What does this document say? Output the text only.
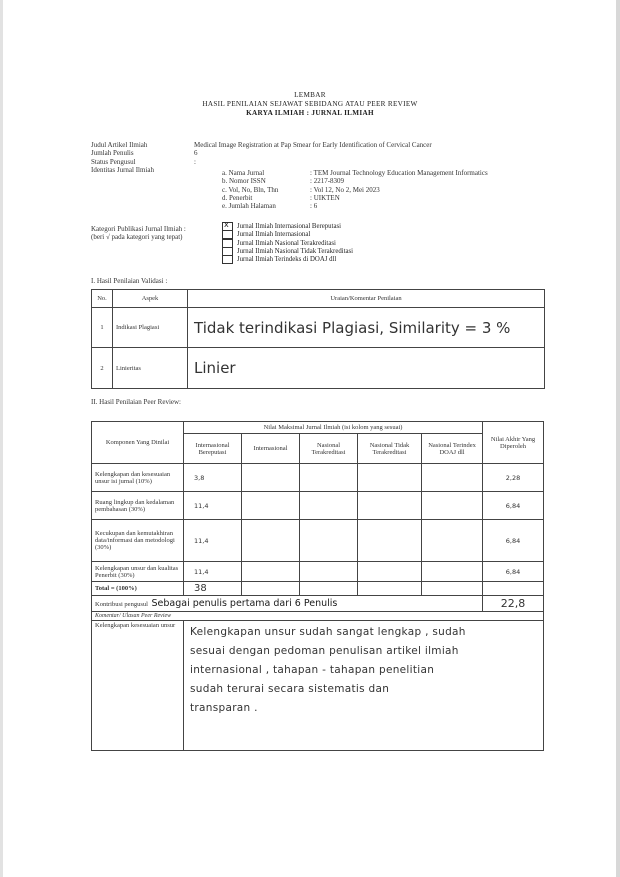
LEMBAR
HASIL PENILAIAN SEJAWAT SEBIDANG ATAU PEER REVIEW
KARYA ILMIAH : JURNAL ILMIAH
Judul Artikel Ilmiah	Medical Image Registration at Pap Smear for Early Identification of Cervical Cancer
Jumlah Penulis	6
Status Pengusul	:
Identitas Jurnal Ilmiah	a. Nama Jurnal	: TEM Journal Technology Education Management Informatics
b. Nomor ISSN	: 2217-8309
c. Vol, No, Bln, Thn	: Vol 12, No 2, Mei 2023
d. Penerbit	: UIKTEN
e. Jumlah Halaman	: 6
Kategori Publikasi Jurnal Ilmiah :
(beri √ pada kategori yang tepat)
x Jurnal Ilmiah Internasional Bereputasi
Jurnal Ilmiah Internasional
Jurnal Ilmiah Nasional Terakreditasi
Jurnal Ilmiah Nasional Tidak Terakreditasi
Jurnal Ilmiah Terindeks di DOAJ dll
I. Hasil Penilaian Validasi :
No.	Aspek	Uraian/Komentar Penilaian
1	Indikasi Plagiasi	Tidak terindikasi Plagiasi, Similarity = 3 %
2	Linieritas	Linier
II. Hasil Penilaian Peer Review:
Komponen Yang Dinilai	Nilai Maksimal Jurnal Ilmiah (isi kolom yang sesuai)					Nilai Akhir Yang Diperoleh
	Internasional Bereputasi	Internasional	Nasional Terakreditasi	Nasional Tidak Terakreditasi	Nasional Terindex DOAJ dll	
Kelengkapan dan kesesuaian unsur isi jurnal (10%)	3,8					2,28
Ruang lingkup dan kedalaman pembahasan (30%)	11,4					6,84
Kecukupan dan kemutakhiran data/informasi dan metodologi (30%)	11,4					6,84
Kelengkapan unsur dan kualitas Penerbit (30%)	11,4					6,84
Total = (100%)	38					
Kontribusi pengusul Sebagai penulis pertama dari 6 Penulis						22,8
Komentar/ Ulasan Peer Review						
Kelengkapan kesesuaian unsur	Kelengkapan unsur sudah sangat lengkap , sudah
sesuai dengan pedoman penulisan artikel ilmiah
internasional , tahapan - tahapan penelitian
sudah terurai secara sistematis dan
transparan .					
